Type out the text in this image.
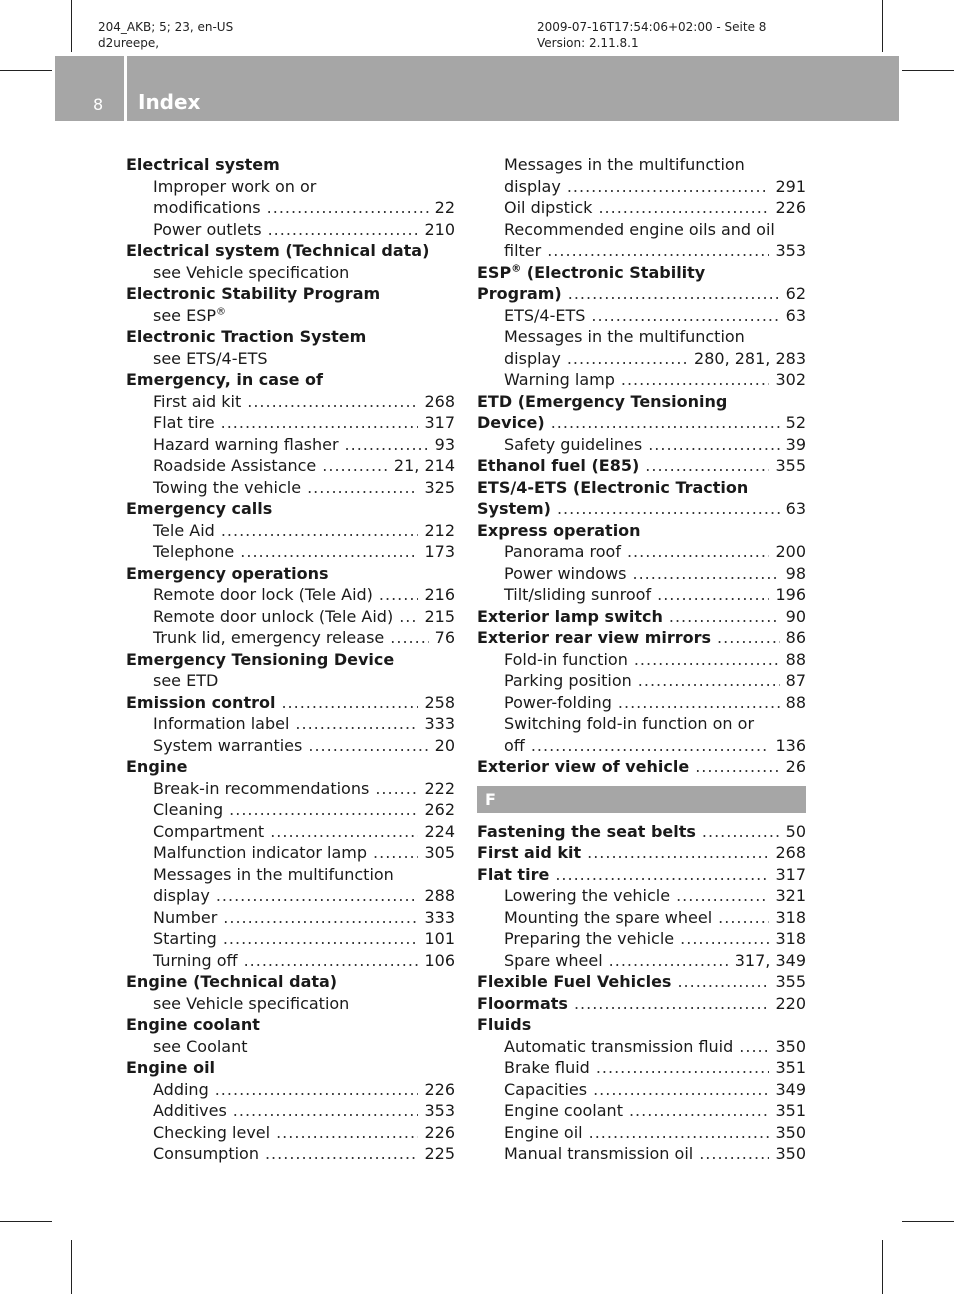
204_AKB; 5; 23, en-US
d2ureepe,
2009-07-16T17:54:06+02:00 - Seite 8
Version: 2.11.8.1
8 Index
Electrical system
Improper work on or
modifications .....	22
Power outlets .....	210
Electrical system (Technical data)
see Vehicle specification
Electronic Stability Program
see ESP®
Electronic Traction System
see ETS/4-ETS
Emergency, in case of
First aid kit .....	268
Flat tire .....	317
Hazard warning flasher .....	93
Roadside Assistance .....	21, 214
Towing the vehicle .....	325
Emergency calls
Tele Aid .....	212
Telephone .....	173
Emergency operations
Remote door lock (Tele Aid) .....	216
Remote door unlock (Tele Aid) ..... 215
Trunk lid, emergency release .....	76
Emergency Tensioning Device
see ETD
Emission control .....	258
Information label .....	333
System warranties .....	20
Engine
Break-in recommendations .....	222
Cleaning .....	262
Compartment .....	224
Malfunction indicator lamp .....	305
Messages in the multifunction
display .....	288
Number .....	333
Starting .....	101
Turning off .....	106
Engine (Technical data)
see Vehicle specification
Engine coolant
see Coolant
Engine oil
Adding .....	226
Additives .....	353
Checking level .....	226
Consumption .....	225
Messages in the multifunction
display .....	291
Oil dipstick .....	226
Recommended engine oils and oil
filter .....	353
ESP® (Electronic Stability
Program) .....	62
ETS/4-ETS .....	63
Messages in the multifunction
display .....	280, 281, 283
Warning lamp .....	302
ETD (Emergency Tensioning
Device) .....	52
Safety guidelines .....	39
Ethanol fuel (E85) .....	355
ETS/4-ETS (Electronic Traction
System) .....	63
Express operation
Panorama roof .....	200
Power windows .....	98
Tilt/sliding sunroof .....	196
Exterior lamp switch .....	90
Exterior rear view mirrors .....	86
Fold-in function .....	88
Parking position .....	87
Power-folding .....	88
Switching fold-in function on or
off .....	136
Exterior view of vehicle .....	26
F
Fastening the seat belts .....	50
First aid kit .....	268
Flat tire .....	317
Lowering the vehicle .....	321
Mounting the spare wheel .....	318
Preparing the vehicle .....	318
Spare wheel .....	317, 349
Flexible Fuel Vehicles .....	355
Floormats .....	220
Fluids
Automatic transmission fluid .....	350
Brake fluid .....	351
Capacities .....	349
Engine coolant .....	351
Engine oil .....	350
Manual transmission oil .....	350
